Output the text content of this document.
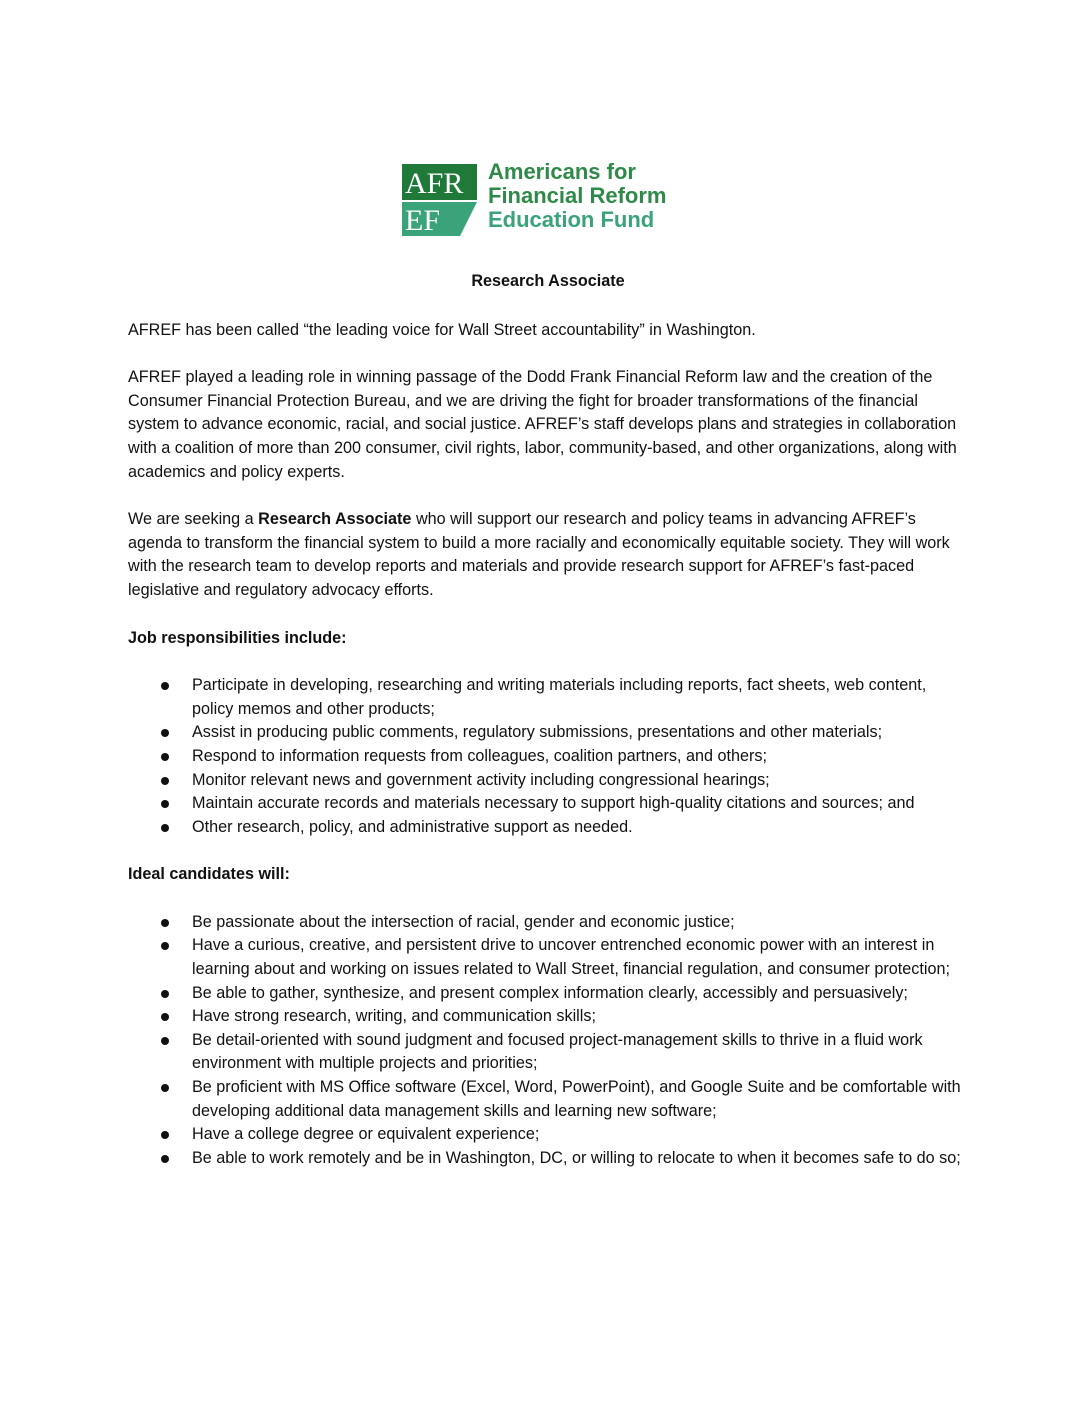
AFR
EF
Americans for
Financial Reform
Education Fund
Research Associate

AFREF has been called “the leading voice for Wall Street accountability” in Washington.

AFREF played a leading role in winning passage of the Dodd Frank Financial Reform law and the creation of the Consumer Financial Protection Bureau, and we are driving the fight for broader transformations of the financial system to advance economic, racial, and social justice. AFREF’s staff develops plans and strategies in collaboration with a coalition of more than 200 consumer, civil rights, labor, community-based, and other organizations, along with academics and policy experts.

We are seeking a Research Associate who will support our research and policy teams in advancing AFREF’s agenda to transform the financial system to build a more racially and economically equitable society. They will work with the research team to develop reports and materials and provide research support for AFREF’s fast-paced legislative and regulatory advocacy efforts.

Job responsibilities include:
Participate in developing, researching and writing materials including reports, fact sheets, web content, policy memos and other products;
Assist in producing public comments, regulatory submissions, presentations and other materials;
Respond to information requests from colleagues, coalition partners, and others;
Monitor relevant news and government activity including congressional hearings;
Maintain accurate records and materials necessary to support high-quality citations and sources; and
Other research, policy, and administrative support as needed.
Ideal candidates will:
Be passionate about the intersection of racial, gender and economic justice;
Have a curious, creative, and persistent drive to uncover entrenched economic power with an interest in learning about and working on issues related to Wall Street, financial regulation, and consumer protection;
Be able to gather, synthesize, and present complex information clearly, accessibly and persuasively;
Have strong research, writing, and communication skills;
Be detail-oriented with sound judgment and focused project-management skills to thrive in a fluid work environment with multiple projects and priorities;
Be proficient with MS Office software (Excel, Word, PowerPoint), and Google Suite and be comfortable with developing additional data management skills and learning new software;
Have a college degree or equivalent experience;
Be able to work remotely and be in Washington, DC, or willing to relocate to when it becomes safe to do so;
